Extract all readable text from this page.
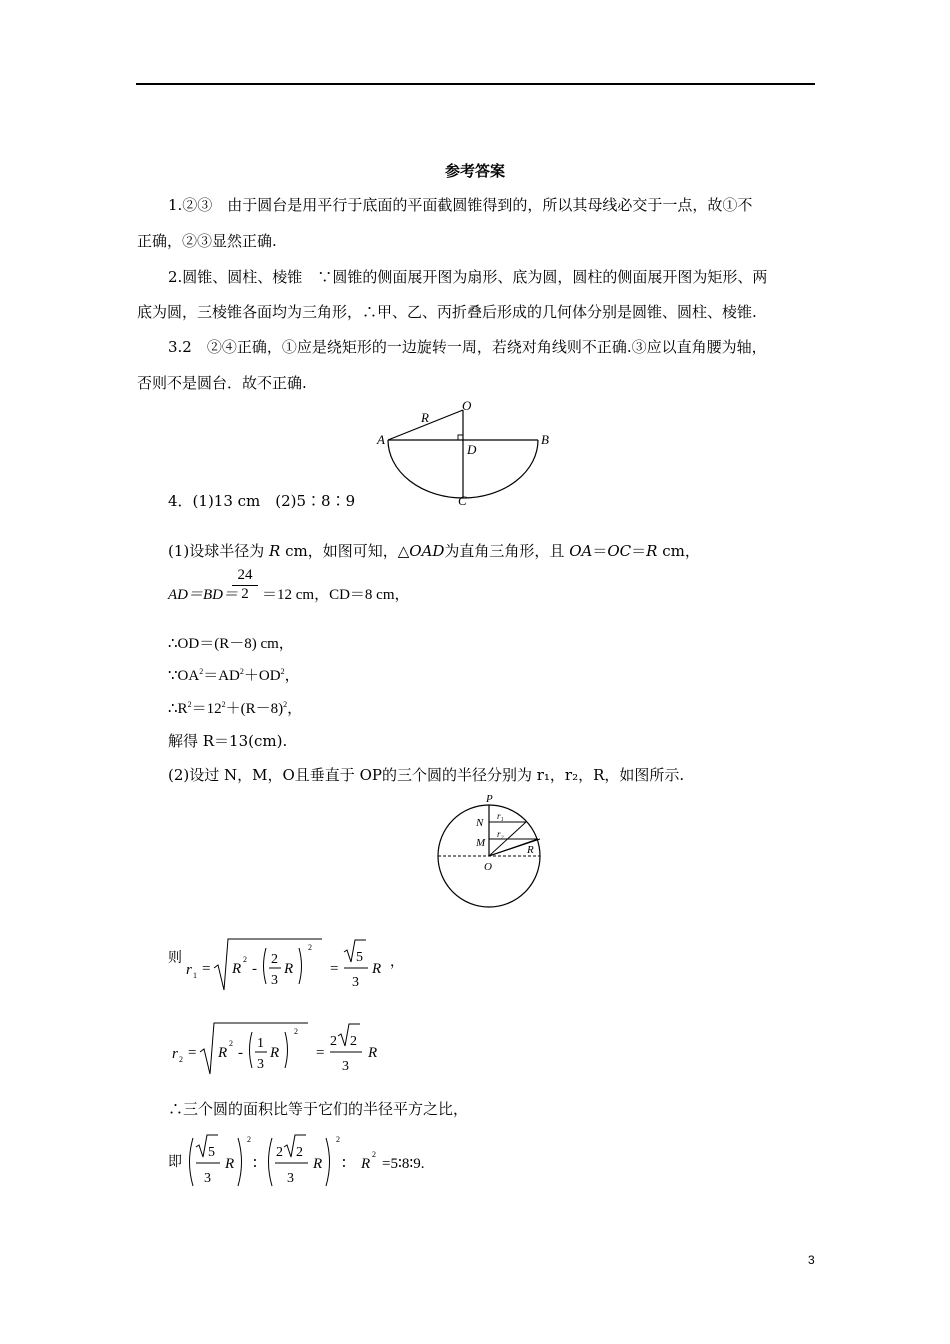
参考答案
1.②③　由于圆台是用平行于底面的平面截圆锥得到的，所以其母线必交于一点，故①不
正确，②③显然正确.
2.圆锥、圆柱、棱锥　∵圆锥的侧面展开图为扇形、底为圆，圆柱的侧面展开图为矩形、两
底为圆，三棱锥各面均为三角形，∴甲、乙、丙折叠后形成的几何体分别是圆锥、圆柱、棱锥.
3.2　②④正确，①应是绕矩形的一边旋转一周，若绕对角线则不正确.③应以直角腰为轴，
否则不是圆台．故不正确.
O
A	B
D
C
R
4．(1)13 cm　(2)5∶8∶9
(1)设球半径为 R cm，如图可知，△OAD为直角三角形，且 OA＝OC＝R cm，
AD＝BD＝
24
2 ＝12 cm，CD＝8 cm，
∴OD＝(R－8) cm，
$\because OA^2=AD^2+OD^2$，
$\therefore R^2=12^2+(R-8)^2$，
解得 R＝13(cm).
(2)设过 N，M，O且垂直于 OP的三个圆的半径分别为 r₁，r₂，R，如图所示.
P
N
M
O
r₁
r₂
R
则
r 1 = R
2
-
2
3
R
2
=
5
3
R ，
r 2 = R
2
-
1
3
R
2
=
2 2
3
R
∴三个圆的面积比等于它们的半径平方之比，
即
5
3
R
2
∶
2 2
3
R
2
∶ R
2
=5∶8∶9.
3
